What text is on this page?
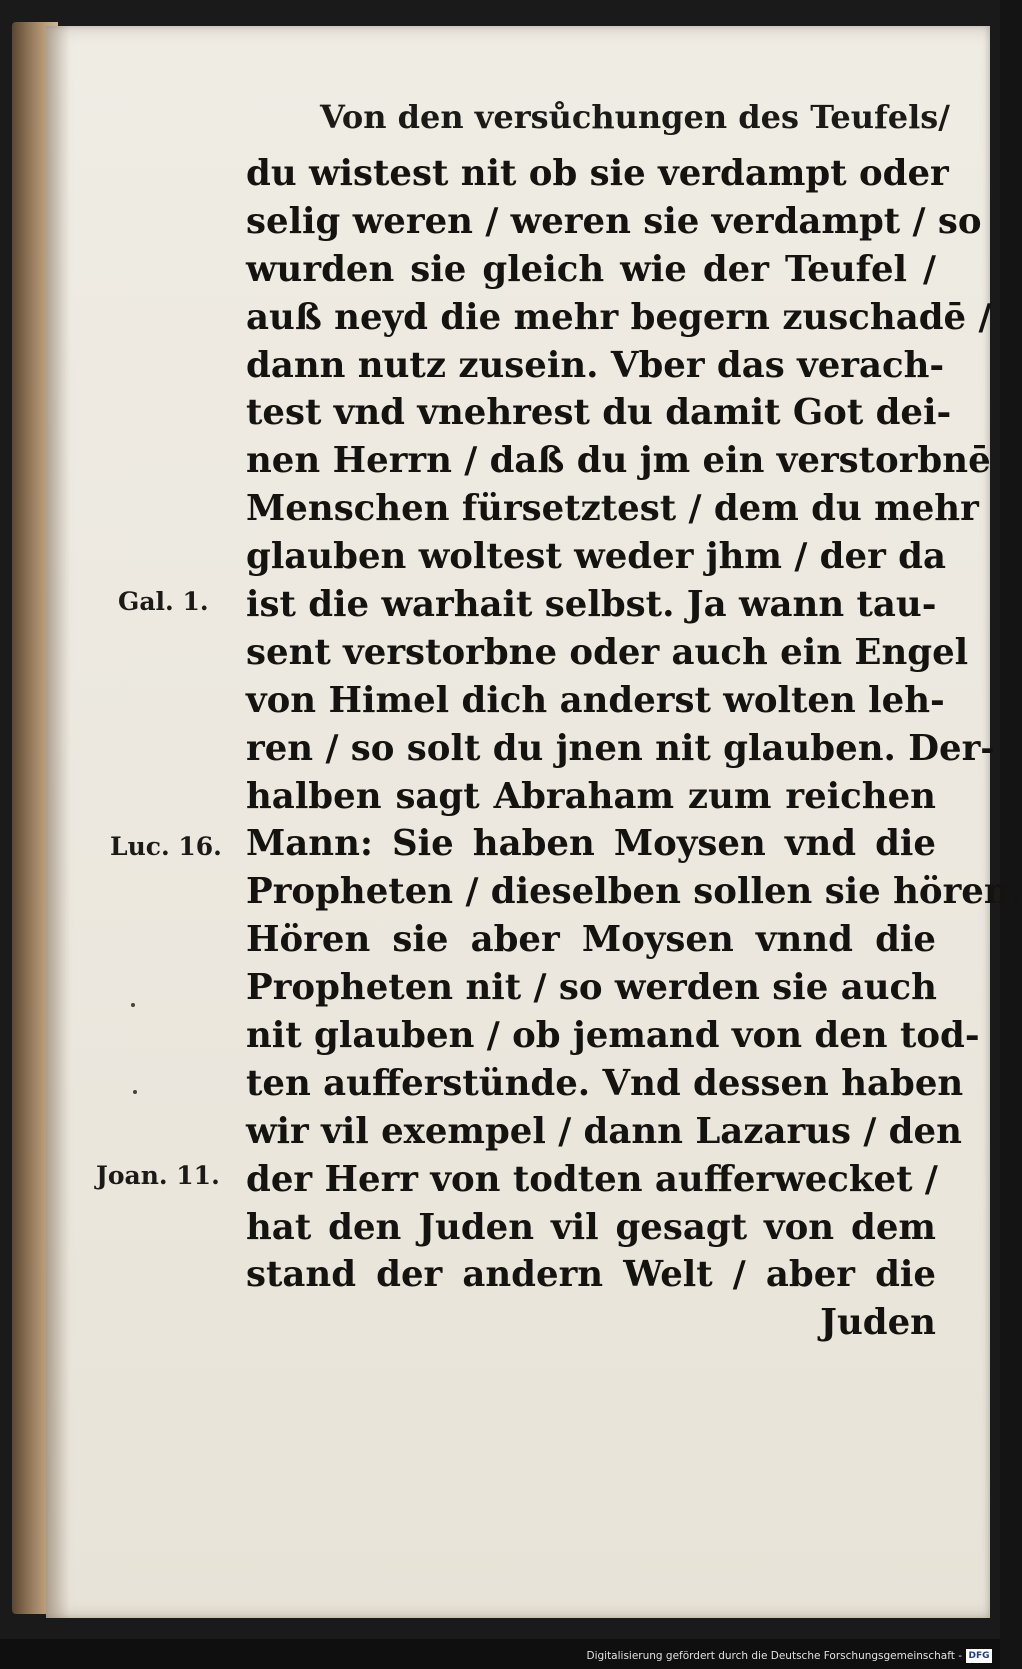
Von den versůchungen des Teufels/
du wistest nit ob sie verdampt oder
selig weren / weren sie verdampt / so
wurden sie gleich wie der Teufel /
auß neyd die mehr begern zuschadē /
dann nutz zusein. Vber das verach-
test vnd vnehrest du damit Got dei-
nen Herrn / daß du jm ein verstorbnē
Menschen fürsetztest / dem du mehr
glauben woltest weder jhm / der da
ist die warhait selbst. Ja wann tau-
sent verstorbne oder auch ein Engel
von Himel dich anderst wolten leh-
ren / so solt du jnen nit glauben. Der-
halben sagt Abraham zum reichen
Mann: Sie haben Moysen vnd die
Propheten / dieselben sollen sie hören.
Hören sie aber Moysen vnnd die
Propheten nit / so werden sie auch
nit glauben / ob jemand von den tod-
ten aufferstünde. Vnd dessen haben
wir vil exempel / dann Lazarus / den
der Herr von todten aufferwecket /
hat den Juden vil gesagt von dem
stand der andern Welt / aber die
Juden
Gal. 1.
Luc. 16.
Joan. 11.
Digitalisierung gefördert durch die Deutsche Forschungsgemeinschaft - DFG
